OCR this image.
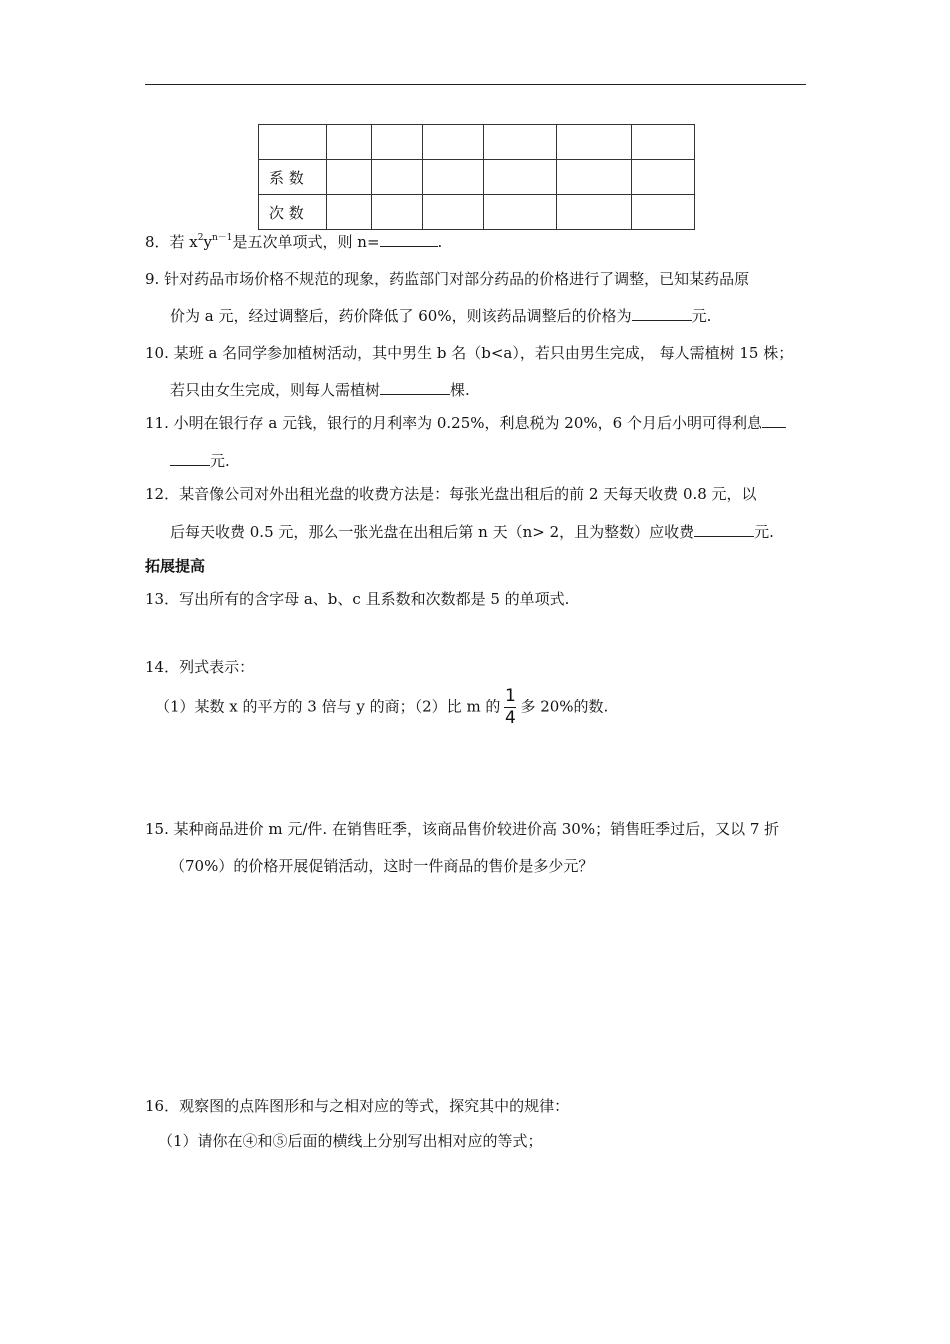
系 数						
次 数						
8．若 $x^2y^{n-1}$是五次单项式，则 n=	.
9. 针对药品市场价格不规范的现象，药监部门对部分药品的价格进行了调整，已知某药品原
价为 a 元，经过调整后，药价降低了 60%，则该药品调整后的价格为	元.
10. 某班 a 名同学参加植树活动，其中男生 b 名（b<a），若只由男生完成， 每人需植树 15 株；
若只由女生完成，则每人需植树	棵.
11. 小明在银行存 a 元钱，银行的月利率为 0.25%，利息税为 20%，6 个月后小明可得利息
元.
12．某音像公司对外出租光盘的收费方法是：每张光盘出租后的前 2 天每天收费 0.8 元，以
后每天收费 0.5 元，那么一张光盘在出租后第 n 天（n> 2，且为整数）应收费	元.
拓展提高
13．写出所有的含字母 a、b、c 且系数和次数都是 5 的单项式.
14．列式表示：
（1）某数 x 的平方的 3 倍与 y 的商；（2）比 m 的 $\frac{1}{4}$ 多 20%的数.
15. 某种商品进价 m 元/件. 在销售旺季，该商品售价较进价高 30%；销售旺季过后，又以 7 折
（70%）的价格开展促销活动，这时一件商品的售价是多少元？
16．观察图的点阵图形和与之相对应的等式，探究其中的规律：
（1）请你在④和⑤后面的横线上分别写出相对应的等式；
